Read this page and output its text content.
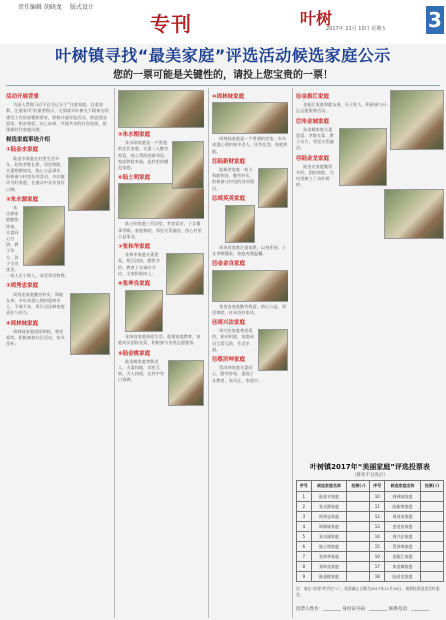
责任编辑 胡晓龙 版式设计
专刊	叶树
2017年 11月 10日 星期五 3
叶树镇寻找“最美家庭”评选活动候选家庭公示
您的一票可能是关键性的，请投上您宝贵的一票！
活动开展背景

为深入贯彻习近平总书记关于“注重家庭、注重家教、注重家风”的重要指示，全面落实叶树关于精神文明建设工作的部署和要求，积极开展评选活动，营造爱国爱家、相亲相爱、向上向善、共建共享的社会氛围，展现新时代家庭风貌。

候选家庭事迹介绍
①陆金水家庭

陆金水家庭在村里生活多年，始终孝敬长辈、邻里和睦，夫妻相敬如宾，热心公益事业，积极参与村里各项活动，多次被评为好家庭，在群众中具有良好口碑。

②朱水源家庭

朱水源家庭勤俭持家，夫妻同心打拼，教子有方，孩子学业优异，一家人乐于助人，深受邻里称赞。

③周秀忠家庭

周秀忠家庭勤劳朴实，和睦友善，多年来悉心照料患病亲人，不离不弃，用行动诠释家庭责任与担当。

④周林妹家庭

周林妹家庭团结和睦，尊老爱幼，积极参加社区活动，家风淳朴。

⑤朱水刚家庭

朱水刚家庭是一户普通的农民家庭，夫妻二人勤劳致富，热心帮助困难邻居，家庭和睦幸福，是村里的模范家庭。

⑥陆土明家庭

陆土明家庭三代同堂，孝老爱亲，子女懂事孝顺，家庭和睦，邻里关系融洽，热心村里公益事业。

⑦张和华家庭

张和华家庭夫妻恩爱，相互扶持，勤俭节约，教育子女诚实守信，全家积极向上。

⑧张坤良家庭

张坤良家庭热爱生活，重视家庭教育，家庭成员团结友爱，积极参与各类志愿服务。

⑨陆金桃家庭

陆金桃家庭孝敬老人，夫妻和睦，邻里互助，为人热情，在村中有口皆碑。

⑩周林妹家庭

周林妹家庭是一户普通的农家，多年来悉心照料家中老人，任劳任怨，家庭和睦。

⑪陆新财家庭

陆新财家庭一家人和睦相处，勤劳朴实，积极参与村里的各项建设。

⑫周英英家庭

周英英家庭注重家教，以身作则，子女孝顺懂事，家庭充满温馨。

⑬金金良家庭

金金良家庭勤劳致富，热心公益，邻里和睦，传承良好家风。

⑭周兴法家庭

周兴法家庭尊老爱幼，相亲相爱，家庭成员互帮互助，生活幸福。

⑮蔡济坤家庭

蔡济坤家庭夫妻同心，勤劳持家，重视子女教育，家风正、家道兴。

⑯金振江家庭

金振江家庭和睦友善，乐于助人，积极参与社区志愿服务活动。

⑰朱金城家庭

朱金城家庭夫妻恩爱，孝敬长辈，教子有方，邻里关系融洽。

⑱陆金龙家庭

陆金龙家庭勤俭节约，团结和睦，为村里树立了良好榜样。

叶树镇2017年“美丽家庭”评选投票表
（排名不分先后）
序号	候选家庭名称	投票(√)	序号	候选家庭名称	投票(√)
1	陆金水家庭		10	周林妹家庭	
2	朱水源家庭		11	陆新财家庭	
3	周秀忠家庭		12	周英英家庭	
4	周林妹家庭		13	金金良家庭	
5	朱水刚家庭		14	周兴法家庭	
6	陆土明家庭		15	蔡济坤家庭	
7	张和华家庭		16	金振江家庭	
8	张坤良家庭		17	朱金城家庭	
9	陆金桃家庭		18	陆金龙家庭	
注：请在“投票”栏内打“√”，投票截止日期为2017年11月16日，请将投票表送至村委会。
投票人姓名：________ 身份证号码：________ 联系电话：________
